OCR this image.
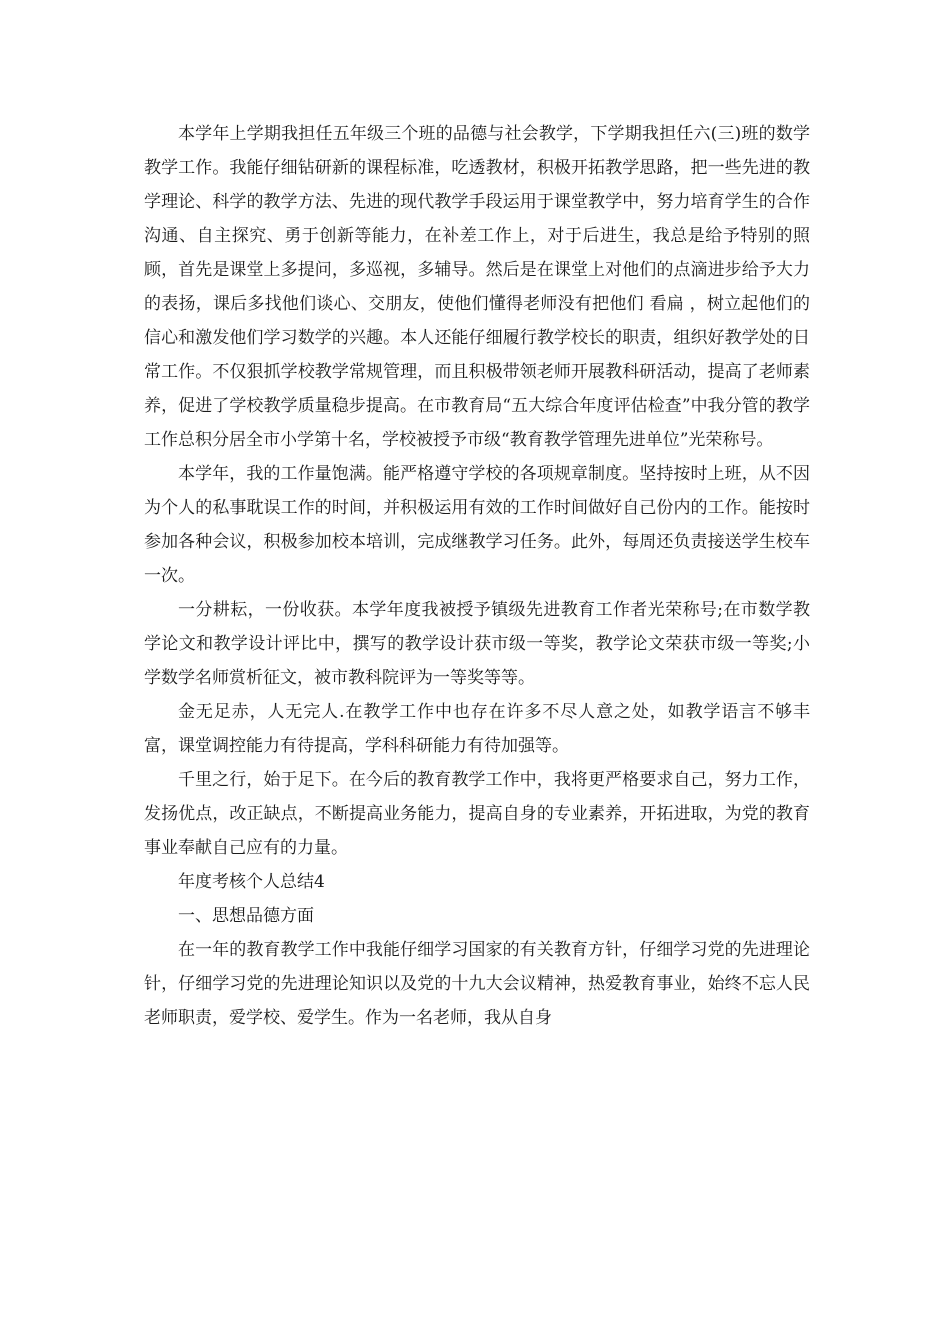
本学年上学期我担任五年级三个班的品德与社会教学，下学期我担任六(三)班的数学教学工作。我能仔细钻研新的课程标准，吃透教材，积极开拓教学思路，把一些先进的教学理论、科学的教学方法、先进的现代教学手段运用于课堂教学中，努力培育学生的合作沟通、自主探究、勇于创新等能力，在补差工作上，对于后进生，我总是给予特别的照顾，首先是课堂上多提问，多巡视，多辅导。然后是在课堂上对他们的点滴进步给予大力的表扬，课后多找他们谈心、交朋友，使他们懂得老师没有把他们 看扁 ，树立起他们的信心和激发他们学习数学的兴趣。本人还能仔细履行教学校长的职责，组织好教学处的日常工作。不仅狠抓学校教学常规管理，而且积极带领老师开展教科研活动，提高了老师素养，促进了学校教学质量稳步提高。在市教育局“五大综合年度评估检查”中我分管的教学工作总积分居全市小学第十名，学校被授予市级“教育教学管理先进单位”光荣称号。

本学年，我的工作量饱满。能严格遵守学校的各项规章制度。坚持按时上班，从不因为个人的私事耽误工作的时间，并积极运用有效的工作时间做好自己份内的工作。能按时参加各种会议，积极参加校本培训，完成继教学习任务。此外，每周还负责接送学生校车一次。

一分耕耘，一份收获。本学年度我被授予镇级先进教育工作者光荣称号;在市数学教学论文和教学设计评比中，撰写的教学设计获市级一等奖，教学论文荣获市级一等奖;小学数学名师赏析征文，被市教科院评为一等奖等等。

金无足赤，人无完人.在教学工作中也存在许多不尽人意之处，如教学语言不够丰富，课堂调控能力有待提高，学科科研能力有待加强等。

千里之行，始于足下。在今后的教育教学工作中，我将更严格要求自己，努力工作，发扬优点，改正缺点，不断提高业务能力，提高自身的专业素养，开拓进取，为党的教育事业奉献自己应有的力量。

年度考核个人总结4

一、思想品德方面

在一年的教育教学工作中我能仔细学习国家的有关教育方针，仔细学习党的先进理论针，仔细学习党的先进理论知识以及党的十九大会议精神，热爱教育事业，始终不忘人民老师职责，爱学校、爱学生。作为一名老师，我从自身
